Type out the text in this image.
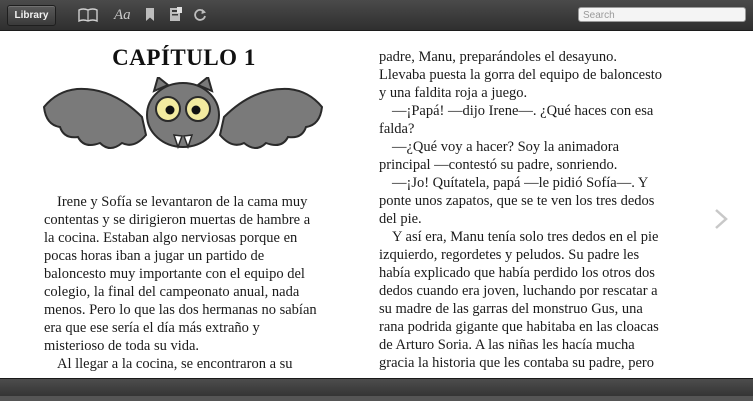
Library	Aa	Search
CAPÍTULO 1

Irene y Sofía se levantaron de la cama muy contentas y se dirigieron muertas de hambre a la cocina. Estaban algo nerviosas porque en pocas horas iban a jugar un partido de baloncesto muy importante con el equipo del colegio, la final del campeonato anual, nada menos. Pero lo que las dos hermanas no sabían era que ese sería el día más extraño y misterioso de toda su vida.

Al llegar a la cocina, se encontraron a su

padre, Manu, preparándoles el desayuno. Llevaba puesta la gorra del equipo de baloncesto y una faldita roja a juego.

—¡Papá! —dijo Irene—. ¿Qué haces con esa falda?

—¿Qué voy a hacer? Soy la animadora principal —contestó su padre, sonriendo.

—¡Jo! Quítatela, papá —le pidió Sofía—. Y ponte unos zapatos, que se te ven los tres dedos del pie.

Y así era, Manu tenía solo tres dedos en el pie izquierdo, regordetes y peludos. Su padre les había explicado que había perdido los otros dos dedos cuando era joven, luchando por rescatar a su madre de las garras del monstruo Gus, una rana podrida gigante que habitaba en las cloacas de Arturo Soria. A las niñas les hacía mucha gracia la historia que les contaba su padre, pero
